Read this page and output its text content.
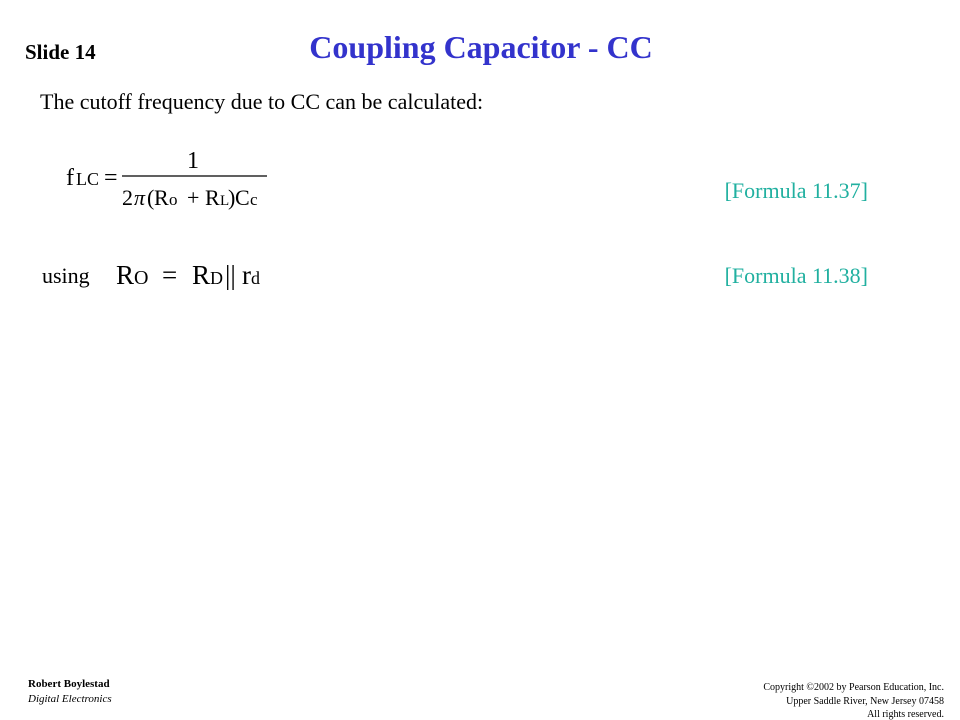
Slide 14	Coupling Capacitor - CC
The cutoff frequency due to CC can be calculated:
f LC =
1
2 π ( R o + R L
) C c	[Formula 11.37]
using R O = R D || r d	[Formula 11.38]
Robert Boylestad
Digital Electronics
Copyright ©2002 by Pearson Education, Inc.
Upper Saddle River, New Jersey 07458
All rights reserved.
